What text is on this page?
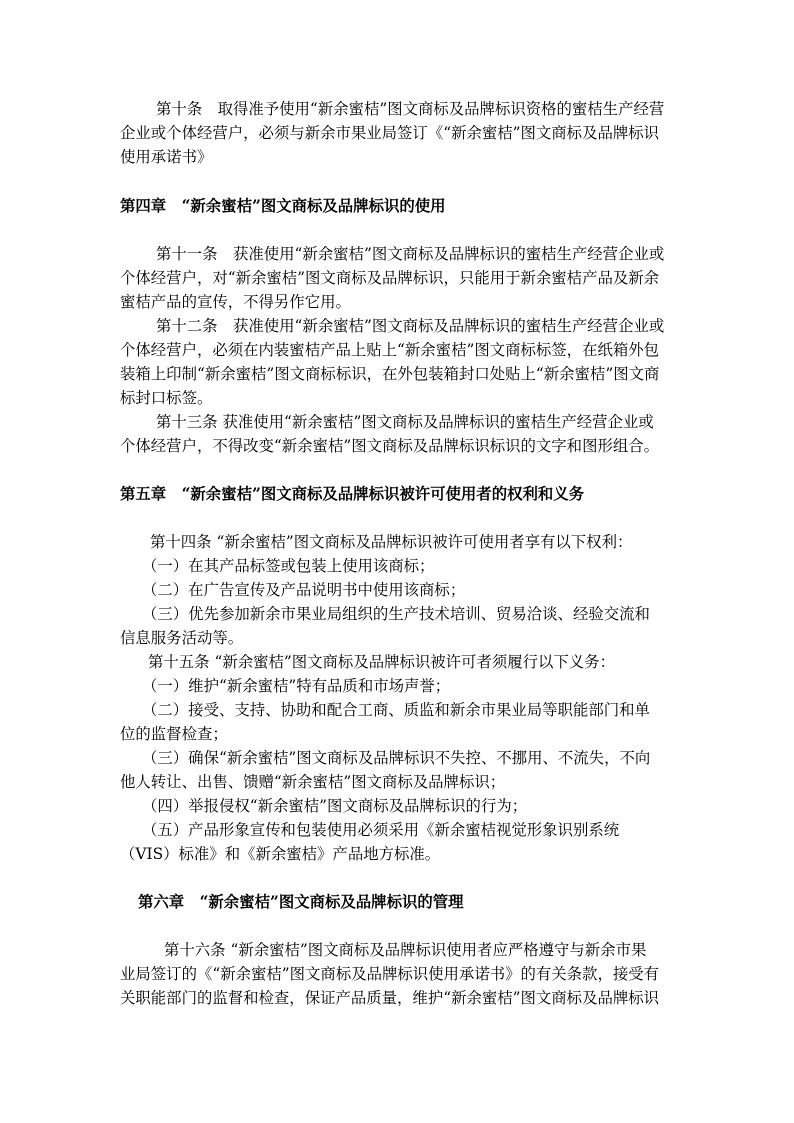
第十条　取得准予使用“新余蜜桔”图文商标及品牌标识资格的蜜桔生产经营
企业或个体经营户，必须与新余市果业局签订《“新余蜜桔”图文商标及品牌标识
使用承诺书》
第四章　“新余蜜桔”图文商标及品牌标识的使用
第十一条　获准使用“新余蜜桔”图文商标及品牌标识的蜜桔生产经营企业或
个体经营户，对“新余蜜桔”图文商标及品牌标识，只能用于新余蜜桔产品及新余
蜜桔产品的宣传，不得另作它用。
第十二条　获准使用“新余蜜桔”图文商标及品牌标识的蜜桔生产经营企业或
个体经营户，必须在内装蜜桔产品上贴上“新余蜜桔”图文商标标签，在纸箱外包
装箱上印制“新余蜜桔”图文商标标识，在外包装箱封口处贴上“新余蜜桔”图文商
标封口标签。
第十三条 获准使用“新余蜜桔”图文商标及品牌标识的蜜桔生产经营企业或
个体经营户，不得改变“新余蜜桔”图文商标及品牌标识标识的文字和图形组合。
第五章　“新余蜜桔”图文商标及品牌标识被许可使用者的权利和义务
第十四条 “新余蜜桔”图文商标及品牌标识被许可使用者享有以下权利：
（一）在其产品标签或包装上使用该商标；
（二）在广告宣传及产品说明书中使用该商标；
（三）优先参加新余市果业局组织的生产技术培训、贸易洽谈、经验交流和
信息服务活动等。
第十五条 “新余蜜桔”图文商标及品牌标识被许可者须履行以下义务：
（一）维护“新余蜜桔”特有品质和市场声誉；
（二）接受、支持、协助和配合工商、质监和新余市果业局等职能部门和单
位的监督检查；
（三）确保“新余蜜桔”图文商标及品牌标识不失控、不挪用、不流失，不向
他人转让、出售、馈赠“新余蜜桔”图文商标及品牌标识；
（四）举报侵权“新余蜜桔”图文商标及品牌标识的行为；
（五）产品形象宣传和包装使用必须采用《新余蜜桔视觉形象识别系统
（VIS）标准》和《新余蜜桔》产品地方标准。
第六章　“新余蜜桔”图文商标及品牌标识的管理
第十六条 “新余蜜桔”图文商标及品牌标识使用者应严格遵守与新余市果
业局签订的《“新余蜜桔”图文商标及品牌标识使用承诺书》的有关条款，接受有
关职能部门的监督和检查，保证产品质量，维护“新余蜜桔”图文商标及品牌标识
